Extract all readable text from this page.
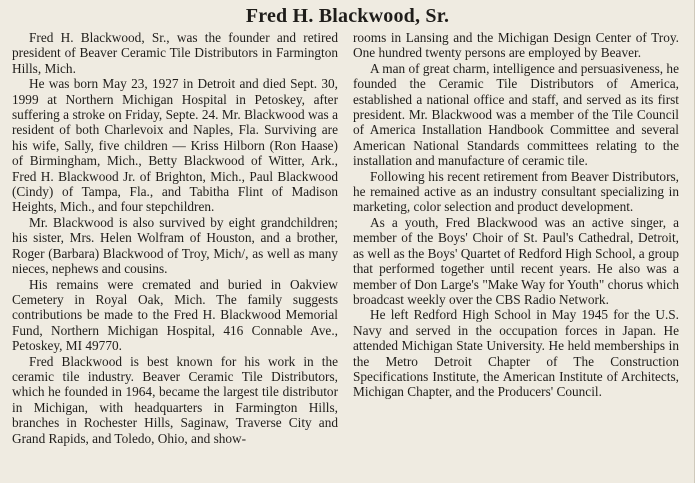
Fred H. Blackwood, Sr.

Fred H. Blackwood, Sr., was the founder and retired president of Beaver Ceramic Tile Distributors in Farmington Hills, Mich.

He was born May 23, 1927 in Detroit and died Sept. 30, 1999 at Northern Michigan Hospital in Petoskey, after suffering a stroke on Friday, Septe. 24. Mr. Blackwood was a resident of both Charlevoix and Naples, Fla. Surviving are his wife, Sally, five children — Kriss Hilborn (Ron Haase) of Birmingham, Mich., Betty Blackwood of Witter, Ark., Fred H. Blackwood Jr. of Brighton, Mich., Paul Blackwood (Cindy) of Tampa, Fla., and Tabitha Flint of Madison Heights, Mich., and four stepchildren.

Mr. Blackwood is also survived by eight grandchildren; his sister, Mrs. Helen Wolfram of Houston, and a brother, Roger (Barbara) Blackwood of Troy, Mich/, as well as many nieces, nephews and cousins.

His remains were cremated and buried in Oakview Cemetery in Royal Oak, Mich. The family suggests contributions be made to the Fred H. Blackwood Memorial Fund, Northern Michigan Hospital, 416 Connable Ave., Petoskey, MI 49770.

Fred Blackwood is best known for his work in the ceramic tile industry. Beaver Ceramic Tile Distributors, which he founded in 1964, became the largest tile distributor in Michigan, with headquarters in Farmington Hills, branches in Rochester Hills, Saginaw, Traverse City and Grand Rapids, and Toledo, Ohio, and show-

rooms in Lansing and the Michigan Design Center of Troy. One hundred twenty persons are employed by Beaver.

A man of great charm, intelligence and persuasiveness, he founded the Ceramic Tile Distributors of America, established a national office and staff, and served as its first president. Mr. Blackwood was a member of the Tile Council of America Installation Handbook Committee and several American National Standards committees relating to the installation and manufacture of ceramic tile.

Following his recent retirement from Beaver Distributors, he remained active as an industry consultant specializing in marketing, color selection and product development.

As a youth, Fred Blackwood was an active singer, a member of the Boys' Choir of St. Paul's Cathedral, Detroit, as well as the Boys' Quartet of Redford High School, a group that performed together until recent years. He also was a member of Don Large's "Make Way for Youth" chorus which broadcast weekly over the CBS Radio Network.

He left Redford High School in May 1945 for the U.S. Navy and served in the occupation forces in Japan. He attended Michigan State University. He held memberships in the Metro Detroit Chapter of The Construction Specifications Institute, the American Institute of Architects, Michigan Chapter, and the Producers' Council.
